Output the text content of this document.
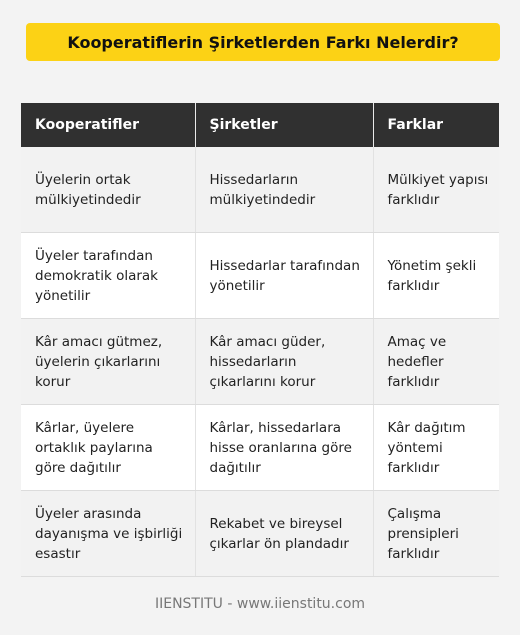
Kooperatiflerin Şirketlerden Farkı Nelerdir?
Kooperatifler	Şirketler	Farklar
Üyelerin ortak mülkiyetindedir	Hissedarların mülkiyetindedir	Mülkiyet yapısı farklıdır
Üyeler tarafından demokratik olarak yönetilir	Hissedarlar tarafından yönetilir	Yönetim şekli farklıdır
Kâr amacı gütmez, üyelerin çıkarlarını korur	Kâr amacı güder, hissedarların çıkarlarını korur	Amaç ve hedefler farklıdır
Kârlar, üyelere ortaklık paylarına göre dağıtılır	Kârlar, hissedarlara hisse oranlarına göre dağıtılır	Kâr dağıtım yöntemi farklıdır
Üyeler arasında dayanışma ve işbirliği esastır	Rekabet ve bireysel çıkarlar ön plandadır	Çalışma prensipleri farklıdır
IIENSTITU - www.iienstitu.com
